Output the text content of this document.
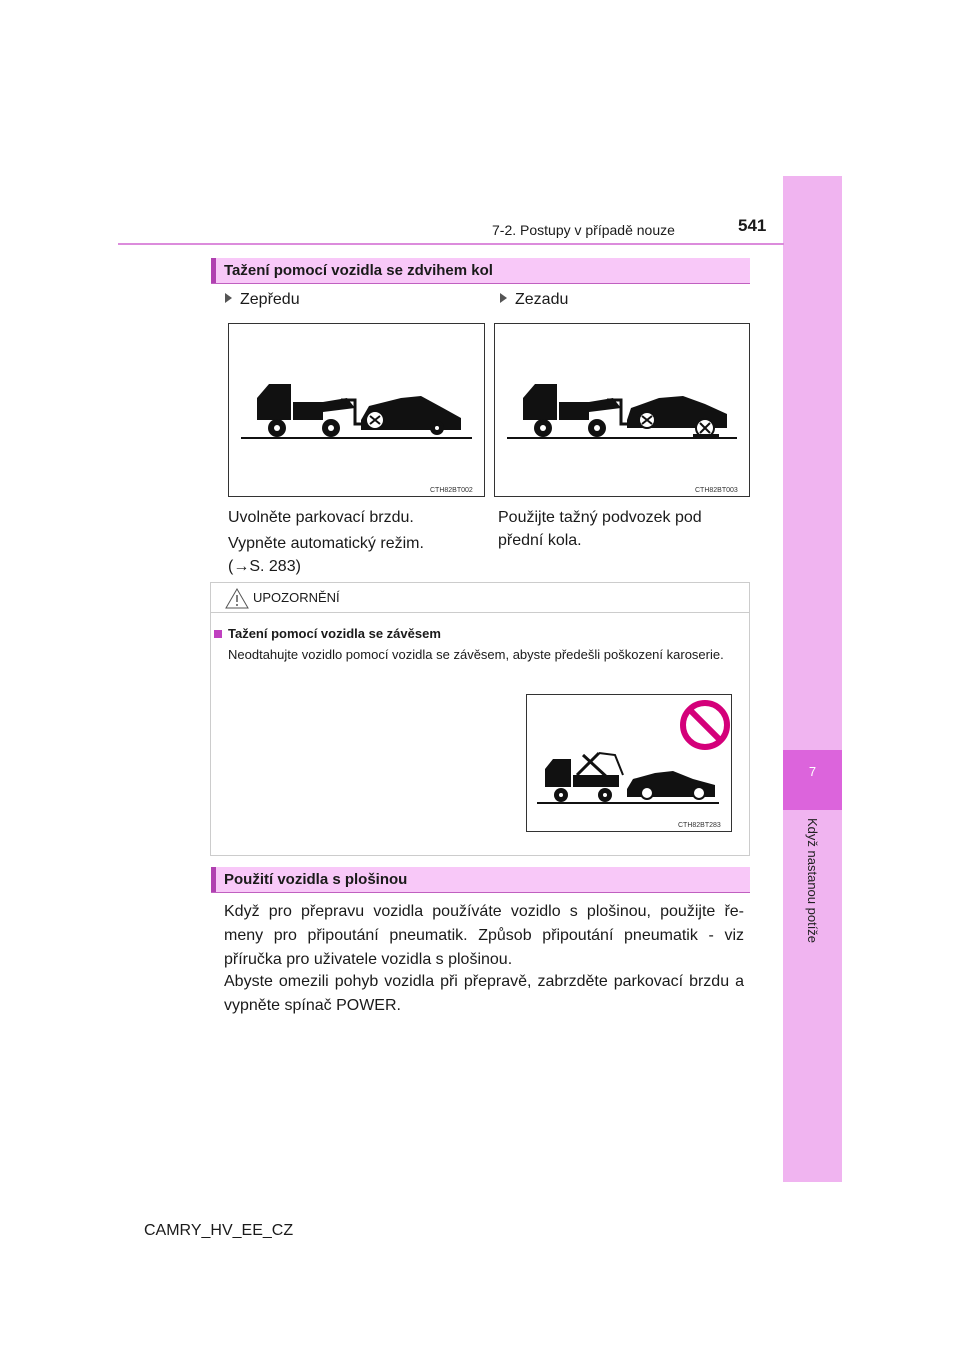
7
Když nastanou potíže
7-2. Postupy v případě nouze	541
Tažení pomocí vozidla se zdvihem kol
Zepředu	Zezadu
CTH82BT002	CTH82BT003
Uvolněte parkovací brzdu.
Vypněte automatický režim.
(→S. 283)
Použijte tažný podvozek pod
přední kola.
UPOZORNĚNÍ
Tažení pomocí vozidla se závěsem
Neodtahujte vozidlo pomocí vozidla se závěsem, abyste předešli poškození karoserie.
CTH82BT283
Použití vozidla s plošinou
Když pro přepravu vozidla používáte vozidlo s plošinou, použijte ře- meny pro připoutání pneumatik. Způsob připoutání pneumatik - viz příručka pro uživatele vozidla s plošinou.
Abyste omezili pohyb vozidla při přepravě, zabrzděte parkovací brzdu a vypněte spínač POWER.
CAMRY_HV_EE_CZ
